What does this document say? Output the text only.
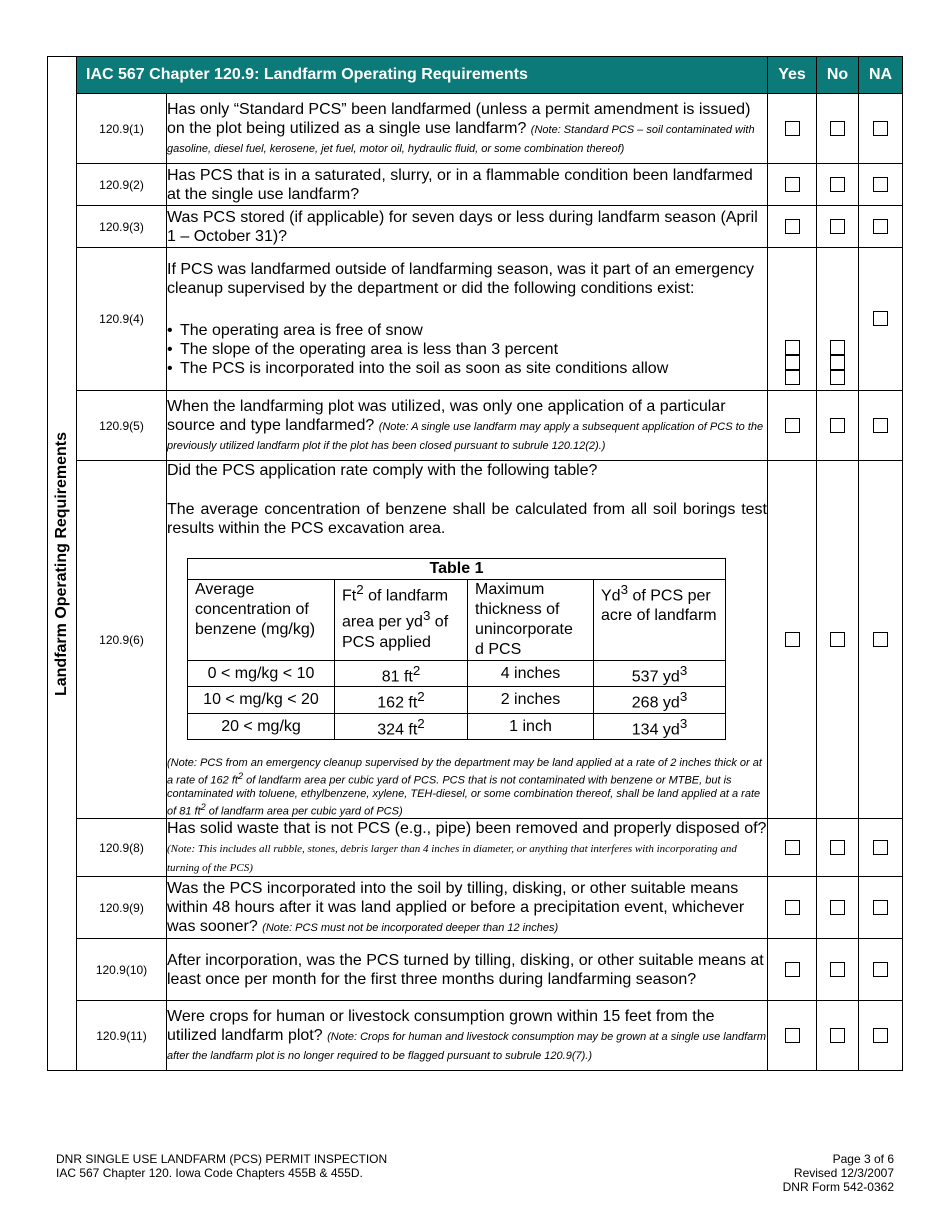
Landfarm Operating Requirements
	IAC 567 Chapter 120.9: Landfarm Operating Requirements	Yes	No	NA
120.9(1)	Has only “Standard PCS” been landfarmed (unless a permit amendment is issued) on the plot being utilized as a single use landfarm? (Note: Standard PCS – soil contaminated with gasoline, diesel fuel, kerosene, jet fuel, motor oil, hydraulic fluid, or some combination thereof)			
120.9(2)	Has PCS that is in a saturated, slurry, or in a flammable condition been landfarmed at the single use landfarm?			
120.9(3)	Was PCS stored (if applicable) for seven days or less during landfarm season (April 1 – October 31)?			
120.9(4)	
If PCS was landfarmed outside of landfarming season, was it part of an emergency cleanup supervised by the department or did the following conditions exist:
• The operating area is free of snow
• The slope of the operating area is less than 3 percent
• The PCS is incorporated into the soil as soon as site conditions allow

120.9(5)	When the landfarming plot was utilized, was only one application of a particular source and type landfarmed? (Note: A single use landfarm may apply a subsequent application of PCS to the previously utilized landfarm plot if the plot has been closed pursuant to subrule 120.12(2).)			
120.9(6)	
Did the PCS application rate comply with the following table?
The average concentration of benzene shall be calculated from all soil borings test results within the PCS excavation area.
Table 1
Average concentration of benzene (mg/kg)	Ft$^2$ of landfarm area per $yd^3$ of PCS applied	Maximum thickness of unincorporate d PCS	Yd$^3$ of PCS per acre of landfarm
0 < mg/kg < 10	81 $ft^2$	4 inches	537 $yd^3$
10 < mg/kg < 20	162 $ft^2$	2 inches	268 $yd^3$
20 < mg/kg	324 $ft^2$	1 inch	134 $yd^3$
(Note: PCS from an emergency cleanup supervised by the department may be land applied at a rate of 2 inches thick or at a rate of 162 $ft^2$ of landfarm area per cubic yard of PCS. PCS that is not contaminated with benzene or MTBE, but is contaminated with toluene, ethylbenzene, xylene, TEH-diesel, or some combination thereof, shall be land applied at a rate of 81 $ft^2$ of landfarm area per cubic yard of PCS)

120.9(8)	Has solid waste that is not PCS (e.g., pipe) been removed and properly disposed of? (Note: This includes all rubble, stones, debris larger than 4 inches in diameter, or anything that interferes with incorporating and turning of the PCS)			
120.9(9)	Was the PCS incorporated into the soil by tilling, disking, or other suitable means within 48 hours after it was land applied or before a precipitation event, whichever was sooner? (Note: PCS must not be incorporated deeper than 12 inches)			
120.9(10)	After incorporation, was the PCS turned by tilling, disking, or other suitable means at least once per month for the first three months during landfarming season?			
120.9(11)	Were crops for human or livestock consumption grown within 15 feet from the utilized landfarm plot? (Note: Crops for human and livestock consumption may be grown at a single use landfarm after the landfarm plot is no longer required to be flagged pursuant to subrule 120.9(7).)			
DNR SINGLE USE LANDFARM (PCS) PERMIT INSPECTION
IAC 567 Chapter 120. Iowa Code Chapters 455B & 455D.
Page 3 of 6
Revised 12/3/2007
DNR Form 542-0362
